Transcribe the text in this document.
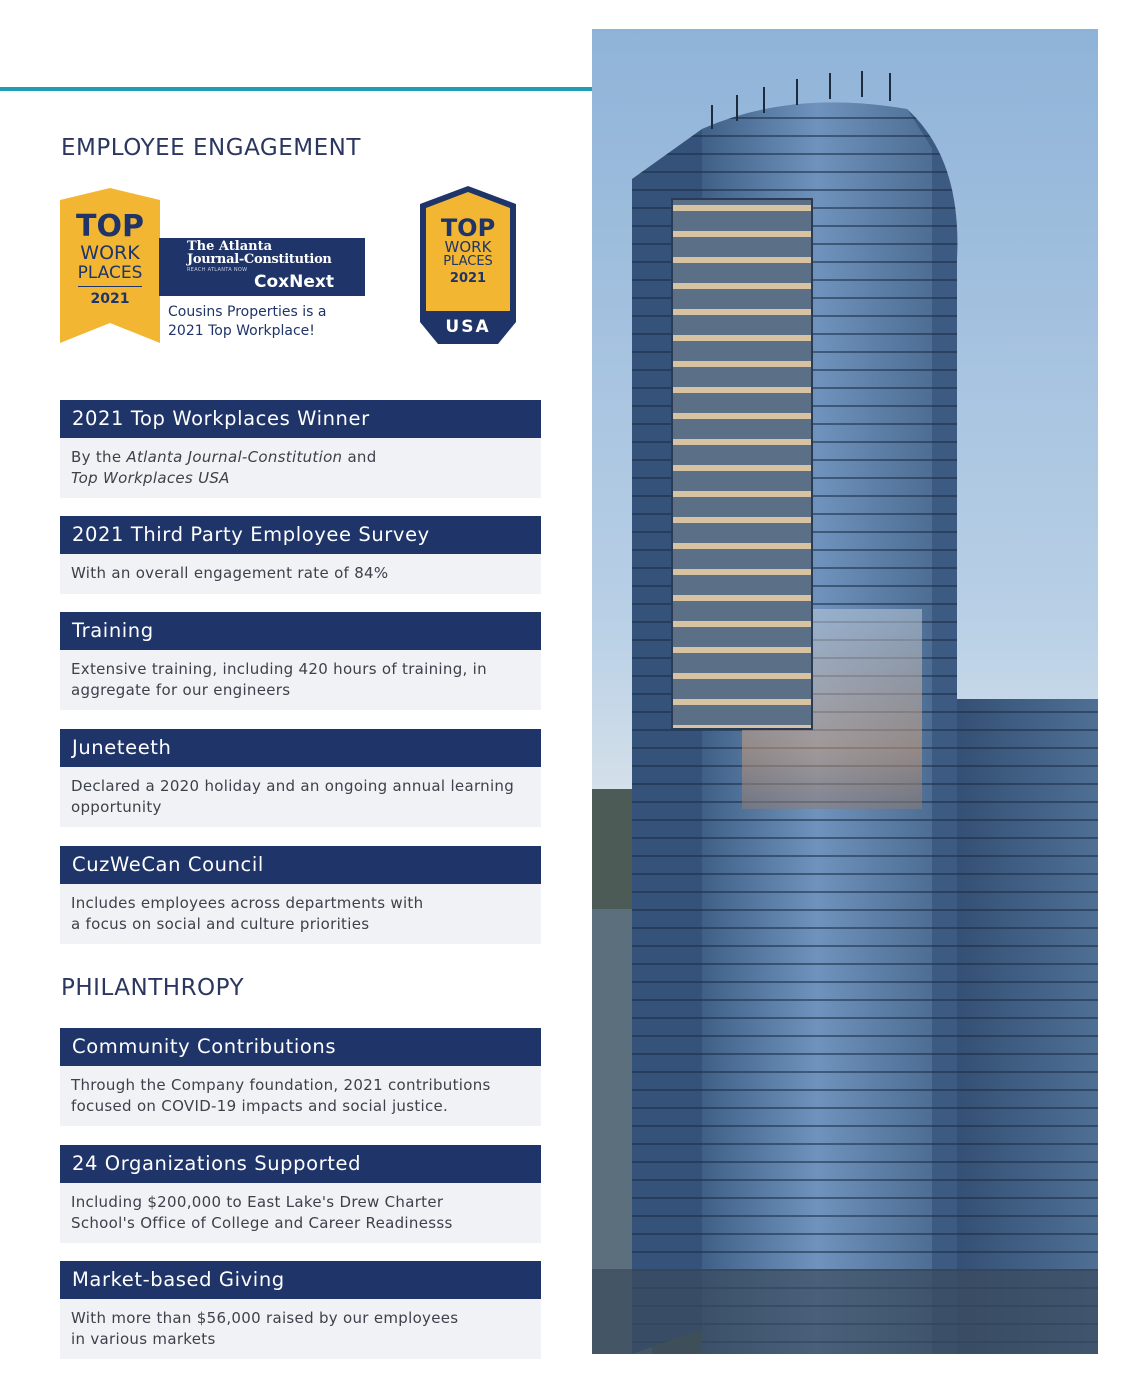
EMPLOYEE ENGAGEMENT
TOP
WORK
PLACES
2021
The Atlanta
Journal-Constitution
REACH ATLANTA NOW
CoxNext
Cousins Properties is a
2021 Top Workplace!
TOP
WORK
PLACES
2021
USA
2021 Top Workplaces Winner
By the Atlanta Journal-Constitution and
Top Workplaces USA
2021 Third Party Employee Survey
With an overall engagement rate of 84%
Training
Extensive training, including 420 hours of training, in
aggregate for our engineers
Juneteeth
Declared a 2020 holiday and an ongoing annual learning
opportunity
CuzWeCan Council
Includes employees across departments with
a focus on social and culture priorities
PHILANTHROPY
Community Contributions
Through the Company foundation, 2021 contributions
focused on COVID-19 impacts and social justice.
24 Organizations Supported
Including $200,000 to East Lake's Drew Charter
School's Office of College and Career Readinesss
Market-based Giving
With more than $56,000 raised by our employees
in various markets
